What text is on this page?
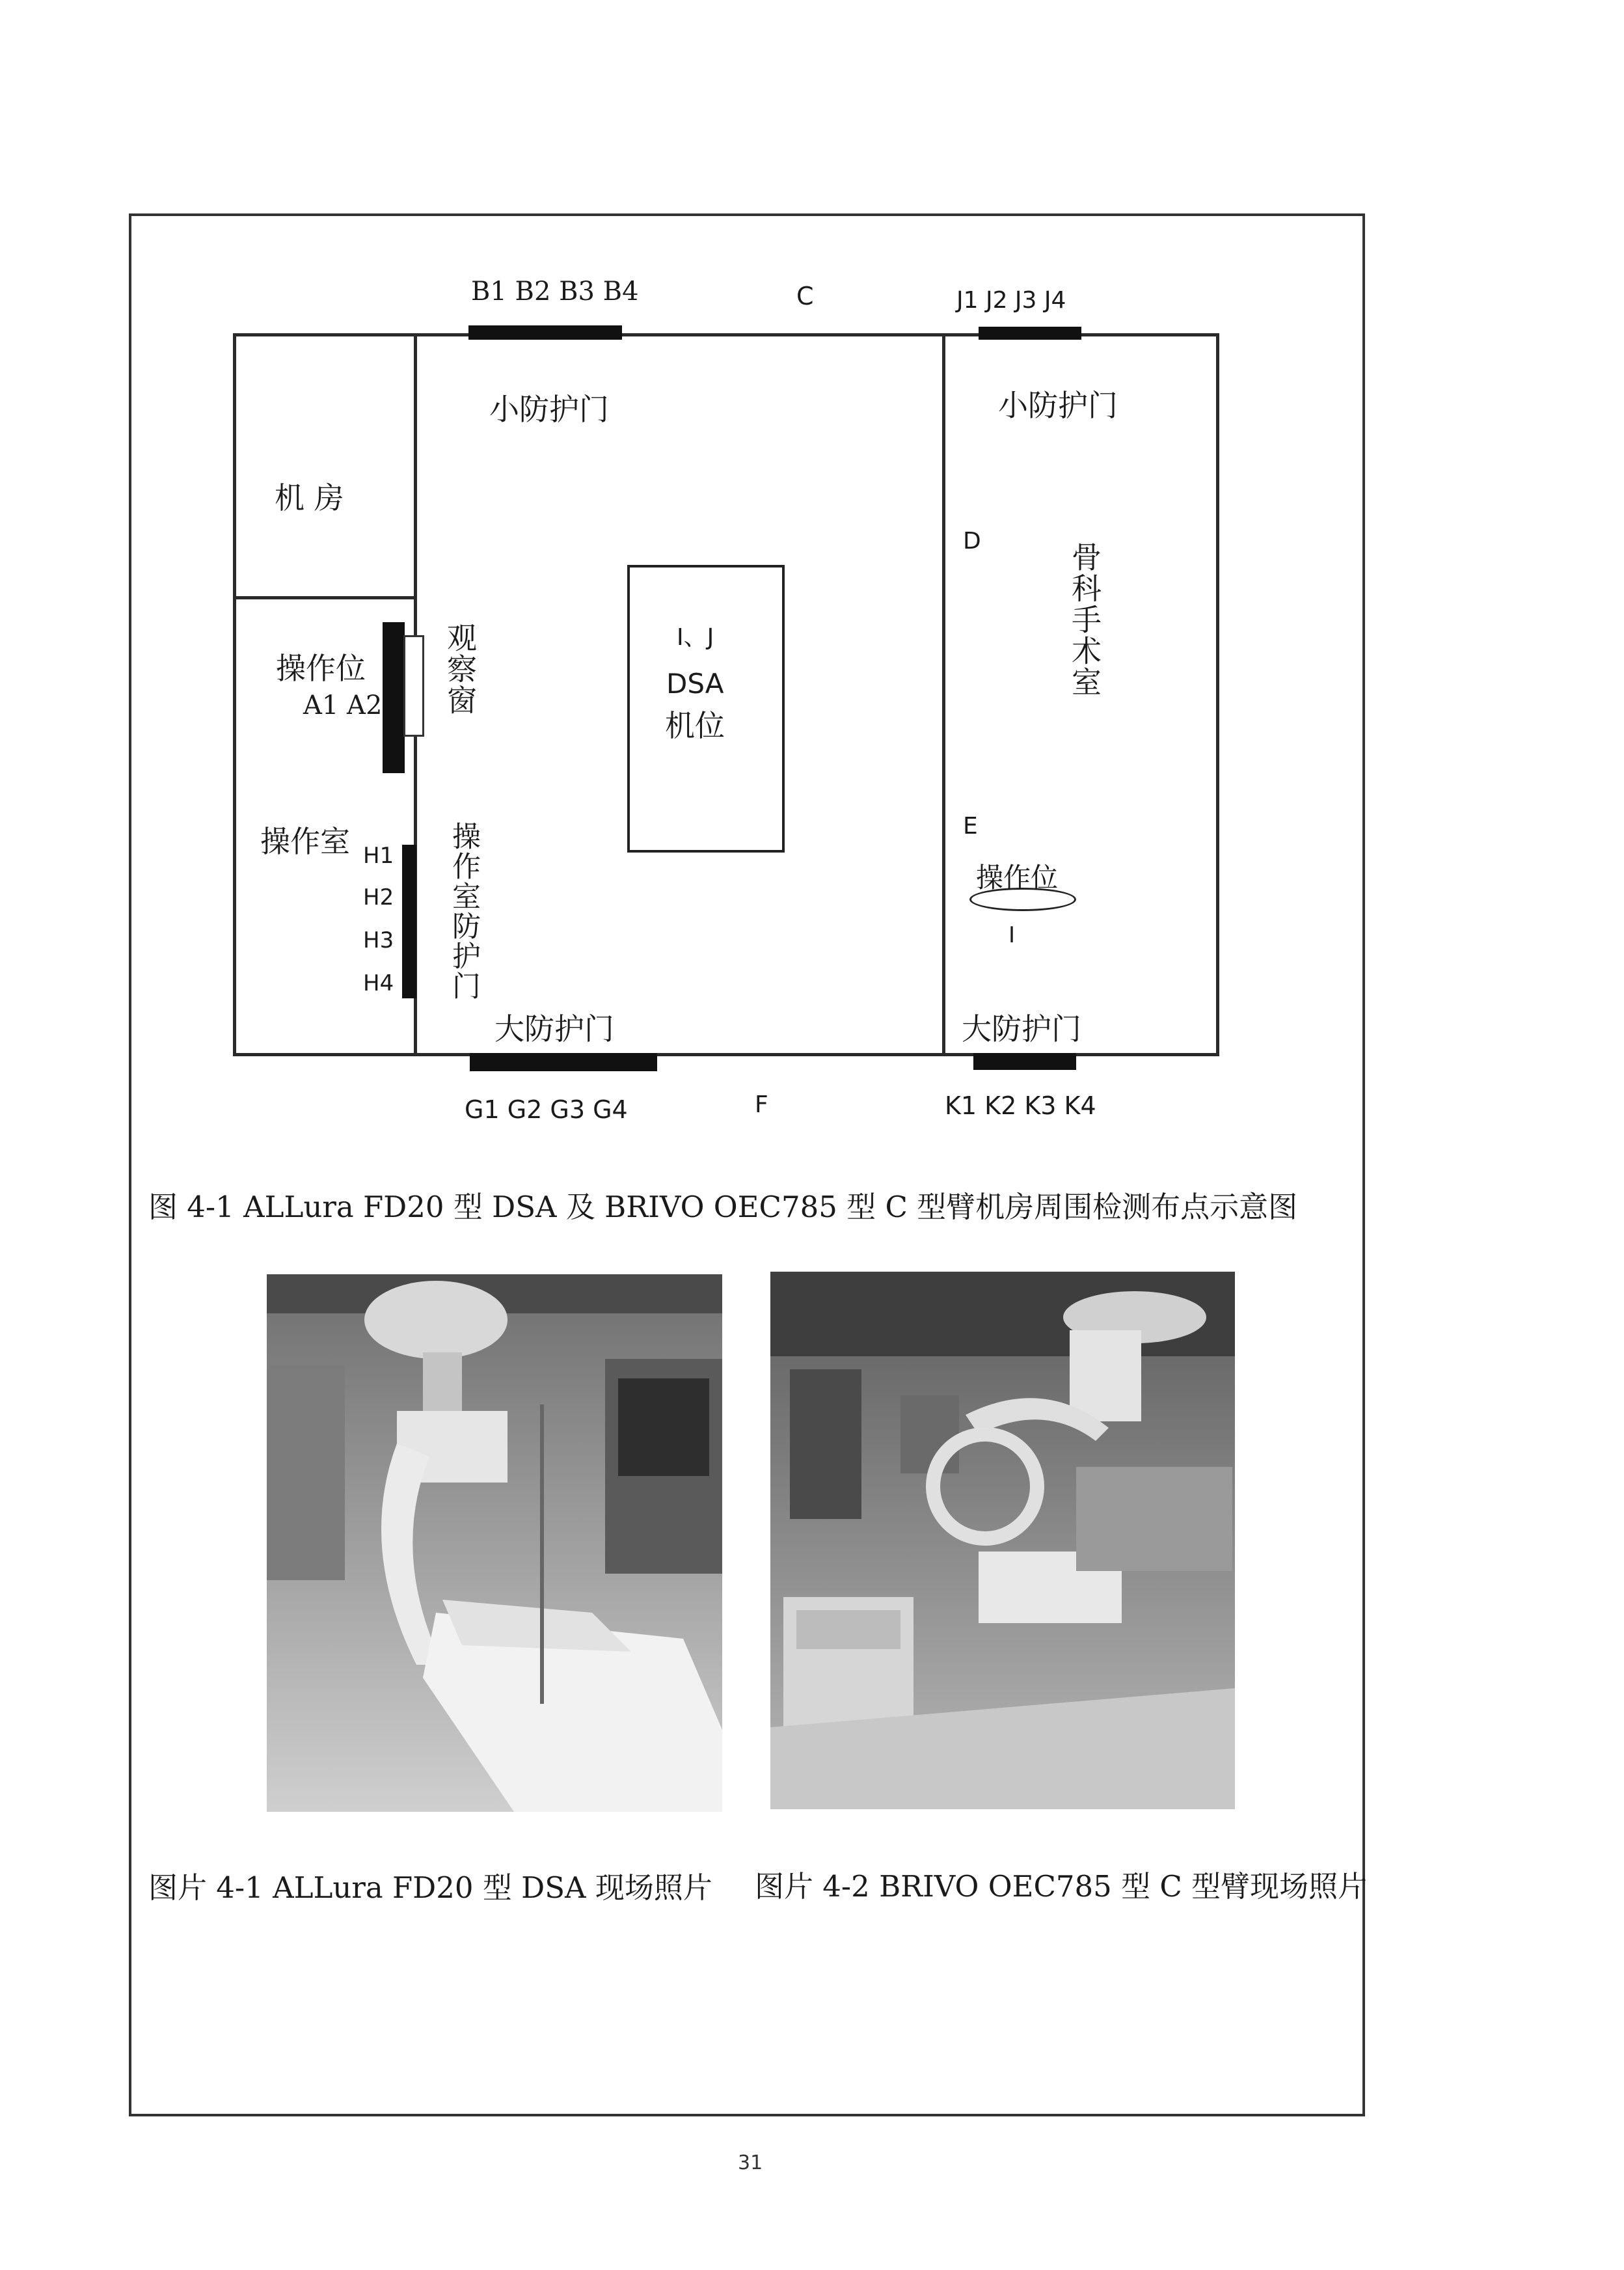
B1 B2 B3 B4	C	J1 J2 J3 J4
小防护门	小防护门
机 房
操作位
A1 A2 观察窗	I、J
DSA
机位
D
骨科手术室
操作室 H1
H2
H3
H4 操作室防护门	E
操作位
I
大防护门	大防护门
G1 G2 G3 G4	F	K1 K2 K3 K4
图 4-1 ALLura FD20 型 DSA 及 BRIVO OEC785 型 C 型臂机房周围检测布点示意图
图片 4-1 ALLura FD20 型 DSA 现场照片 图片 4-2 BRIVO OEC785 型 C 型臂现场照片
31
